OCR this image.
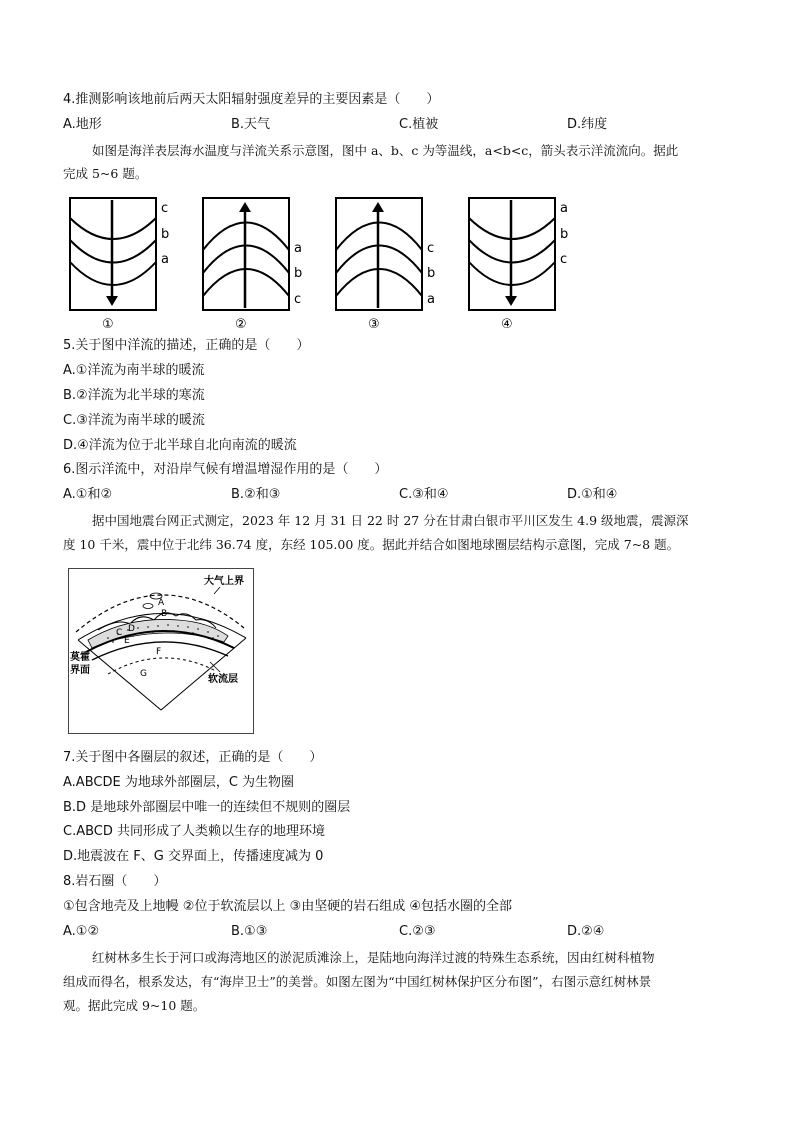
4.推测影响该地前后两天太阳辐射强度差异的主要因素是（　　）
A.地形	B.天气	C.植被	D.纬度
如图是海洋表层海水温度与洋流关系示意图，图中 a、b、c 为等温线，a<b<c，箭头表示洋流流向。据此
完成 5~6 题。
c
b
a
①
a
b
c
②
c
b
a
③
a
b
c
④
5.关于图中洋流的描述，正确的是（　　）
A.①洋流为南半球的暖流
B.②洋流为北半球的寒流
C.③洋流为南半球的暖流
D.④洋流为位于北半球自北向南流的暖流
6.图示洋流中，对沿岸气候有增温增湿作用的是（　　）
A.①和②	B.②和③	C.③和④	D.①和④
据中国地震台网正式测定，2023 年 12 月 31 日 22 时 27 分在甘肃白银市平川区发生 4.9 级地震，震源深
度 10 千米，震中位于北纬 36.74 度，东经 105.00 度。据此并结合如图地球圈层结构示意图，完成 7~8 题。
大气上界
A
B
C D
E
F
G
莫霍
界面
软流层
7.关于图中各圈层的叙述，正确的是（　　）
A.ABCDE 为地球外部圈层，C 为生物圈
B.D 是地球外部圈层中唯一的连续但不规则的圈层
C.ABCD 共同形成了人类赖以生存的地理环境
D.地震波在 F、G 交界面上，传播速度减为 0
8.岩石圈（　　）
①包含地壳及上地幔 ②位于软流层以上 ③由坚硬的岩石组成 ④包括水圈的全部
A.①②	B.①③	C.②③	D.②④
红树林多生长于河口或海湾地区的淤泥质滩涂上，是陆地向海洋过渡的特殊生态系统，因由红树科植物
组成而得名，根系发达，有“海岸卫士”的美誉。如图左图为“中国红树林保护区分布图”，右图示意红树林景
观。据此完成 9~10 题。
